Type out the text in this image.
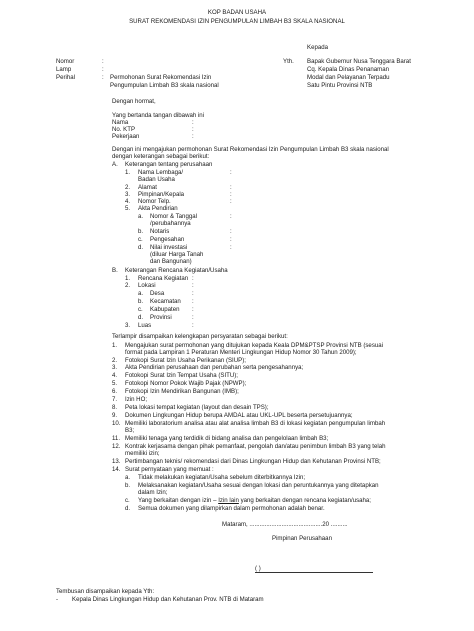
KOP BADAN USAHA
SURAT REKOMENDASI IZIN PENGUMPULAN LIMBAH B3 SKALA NASIONAL
Kepada
Yth. Bapak Gubernur Nusa Tenggara Barat
Cq. Kepala Dinas Penanaman
Modal dan Pelayanan Terpadu
Satu Pintu Provinsi NTB
Nomor	:
Lamp	:
Perihal	: Permohonan Surat Rekomendasi Izin
Pengumpulan Limbah B3 skala nasional
Dengan hormat,
Yang bertanda tangan dibawah ini
Nama	:
No. KTP	:
Pekerjaan	:
Dengan ini mengajukan permohonan Surat Rekomendasi Izin Pengumpulan Limbah B3 skala nasional
dengan keterangan sebagai berikut:
A. Keterangan tentang perusahaan
1. Nama Lembaga/	:
Badan Usaha
2. Alamat	:
3. Pimpinan/Kepala	:
4. Nomor Telp.	:
5. Akta Pendirian
a. Nomor & Tanggal	:
/perubahannya
b. Notaris	:
c. Pengesahan	:
d. Nilai investasi	:
(diluar Harga Tanah
dan Bangunan)
B. Keterangan Rencana Kegiatan/Usaha
1. Rencana Kegiatan :
2. Lokasi	:
a. Desa	:
b. Kecamatan :
c. Kabupaten :
d. Provinsi	:
3. Luas	:
Terlampir disampaikan kelengkapan persyaratan sebagai berikut:
1. Mengajukan surat permohonan yang ditujukan kepada Keala DPM&PTSP Provinsi NTB (sesuai
format pada Lampiran 1 Peraturan Menteri Lingkungan Hidup Nomor 30 Tahun 2009);
2. Fotokopi Surat Izin Usaha Perikanan (SIUP);
3. Akta Pendirian perusahaan dan perubahan serta pengesahannya;
4. Fotokopi Surat Izin Tempat Usaha (SITU);
5. Fotokopi Nomor Pokok Wajib Pajak (NPWP);
6. Fotokopi Izin Mendirikan Bangunan (IMB);
7. Izin HO;
8. Peta lokasi tempat kegiatan (layout dan desain TPS);
9. Dokumen Lingkungan Hidup berupa AMDAL atau UKL-UPL beserta persetujuannya;
10. Memiliki laboratorium analisa atau alat analisa limbah B3 di lokasi kegiatan pengumpulan limbah
B3;
11. Memiliki tenaga yang terdidik di bidang analisa dan pengelolaan limbah B3;
12. Kontrak kerjasama dengan pihak pemanfaat, pengolah dan/atau penimbun limbah B3 yang telah
memiliki izin;
13. Pertimbangan teknis/ rekomendasi dari Dinas Lingkungan Hidup dan Kehutanan Provinsi NTB;
14. Surat pernyataan yang memuat :
a. Tidak melakukan kegiatan/Usaha sebelum diterbitkannya Izin;
b. Melaksanakan kegiatan/Usaha sesuai dengan lokasi dan peruntukannya yang ditetapkan
dalam Izin;
c. Yang berkaitan dengan izin – Izin lain yang berkaitan dengan rencana kegiatan/usaha;
d. Semua dokumen yang dilampirkan dalam permohonan adalah benar.
Mataram, ...........................................20 ..........
Pimpinan Perusahaan
( )
Tembusan disampaikan kepada Yth:
- Kepala Dinas Lingkungan Hidup dan Kehutanan Prov. NTB di Mataram
